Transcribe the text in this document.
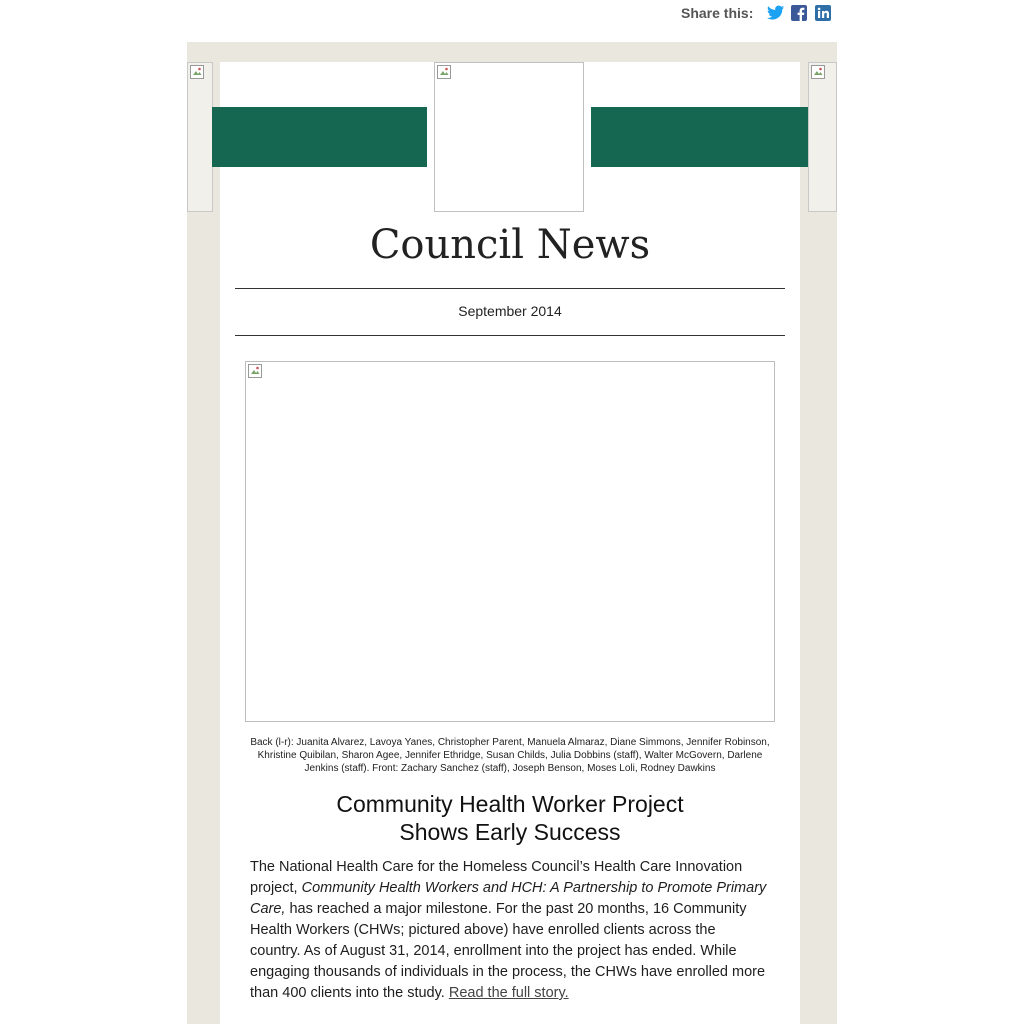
Share this:
Council News
September 2014
Back (l-r): Juanita Alvarez, Lavoya Yanes, Christopher Parent, Manuela Almaraz, Diane Simmons, Jennifer Robinson, Khristine Quibilan, Sharon Agee, Jennifer Ethridge, Susan Childs, Julia Dobbins (staff), Walter McGovern, Darlene Jenkins (staff). Front: Zachary Sanchez (staff), Joseph Benson, Moses Loli, Rodney Dawkins
Community Health Worker Project
Shows Early Success
The National Health Care for the Homeless Council’s Health Care Innovation project, Community Health Workers and HCH: A Partnership to Promote Primary Care, has reached a major milestone. For the past 20 months, 16 Community Health Workers (CHWs; pictured above) have enrolled clients across the country. As of August 31, 2014, enrollment into the project has ended. While engaging thousands of individuals in the process, the CHWs have enrolled more than 400 clients into the study. Read the full story.
